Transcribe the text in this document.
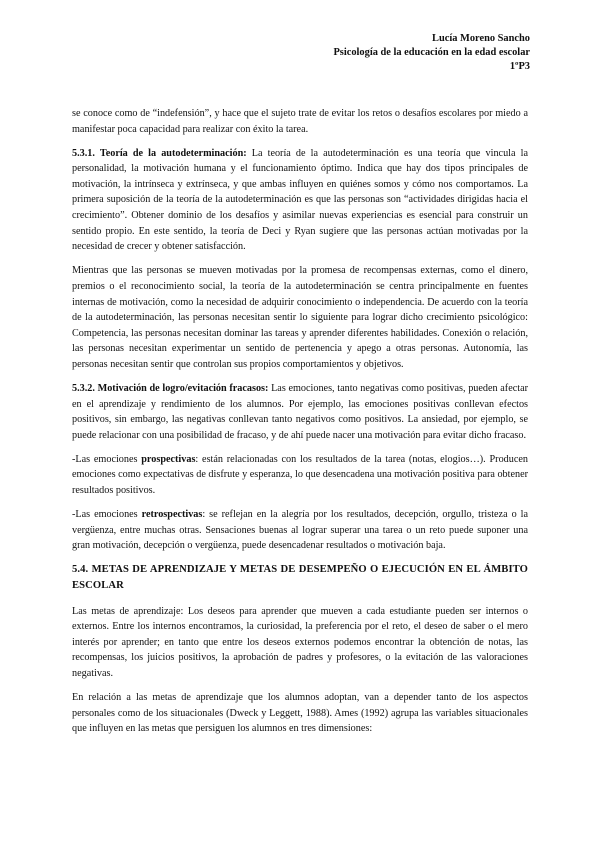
Lucía Moreno Sancho
Psicología de la educación en la edad escolar
1ºP3

se conoce como de “indefensión”, y hace que el sujeto trate de evitar los retos o desafíos escolares por miedo a manifestar poca capacidad para realizar con éxito la tarea.

5.3.1. Teoría de la autodeterminación: La teoría de la autodeterminación es una teoría que vincula la personalidad, la motivación humana y el funcionamiento óptimo. Indica que hay dos tipos principales de motivación, la intrínseca y extrínseca, y que ambas influyen en quiénes somos y cómo nos comportamos. La primera suposición de la teoría de la autodeterminación es que las personas son “actividades dirigidas hacia el crecimiento”. Obtener dominio de los desafíos y asimilar nuevas experiencias es esencial para construir un sentido propio. En este sentido, la teoría de Deci y Ryan sugiere que las personas actúan motivadas por la necesidad de crecer y obtener satisfacción.

Mientras que las personas se mueven motivadas por la promesa de recompensas externas, como el dinero, premios o el reconocimiento social, la teoría de la autodeterminación se centra principalmente en fuentes internas de motivación, como la necesidad de adquirir conocimiento o independencia. De acuerdo con la teoría de la autodeterminación, las personas necesitan sentir lo siguiente para lograr dicho crecimiento psicológico: Competencia, las personas necesitan dominar las tareas y aprender diferentes habilidades. Conexión o relación, las personas necesitan experimentar un sentido de pertenencia y apego a otras personas. Autonomía, las personas necesitan sentir que controlan sus propios comportamientos y objetivos.

5.3.2. Motivación de logro/evitación fracasos: Las emociones, tanto negativas como positivas, pueden afectar en el aprendizaje y rendimiento de los alumnos. Por ejemplo, las emociones positivas conllevan efectos positivos, sin embargo, las negativas conllevan tanto negativos como positivos. La ansiedad, por ejemplo, se puede relacionar con una posibilidad de fracaso, y de ahí puede nacer una motivación para evitar dicho fracaso.

-Las emociones prospectivas: están relacionadas con los resultados de la tarea (notas, elogios…). Producen emociones como expectativas de disfrute y esperanza, lo que desencadena una motivación positiva para obtener resultados positivos.

-Las emociones retrospectivas: se reflejan en la alegría por los resultados, decepción, orgullo, tristeza o la vergüenza, entre muchas otras. Sensaciones buenas al lograr superar una tarea o un reto puede suponer una gran motivación, decepción o vergüenza, puede desencadenar resultados o motivación baja.

5.4. METAS DE APRENDIZAJE Y METAS DE DESEMPEÑO O EJECUCIÓN EN EL ÁMBITO ESCOLAR

Las metas de aprendizaje: Los deseos para aprender que mueven a cada estudiante pueden ser internos o externos. Entre los internos encontramos, la curiosidad, la preferencia por el reto, el deseo de saber o el mero interés por aprender; en tanto que entre los deseos externos podemos encontrar la obtención de notas, las recompensas, los juicios positivos, la aprobación de padres y profesores, o la evitación de las valoraciones negativas.

En relación a las metas de aprendizaje que los alumnos adoptan, van a depender tanto de los aspectos personales como de los situacionales (Dweck y Leggett, 1988). Ames (1992) agrupa las variables situacionales que influyen en las metas que persiguen los alumnos en tres dimensiones:
